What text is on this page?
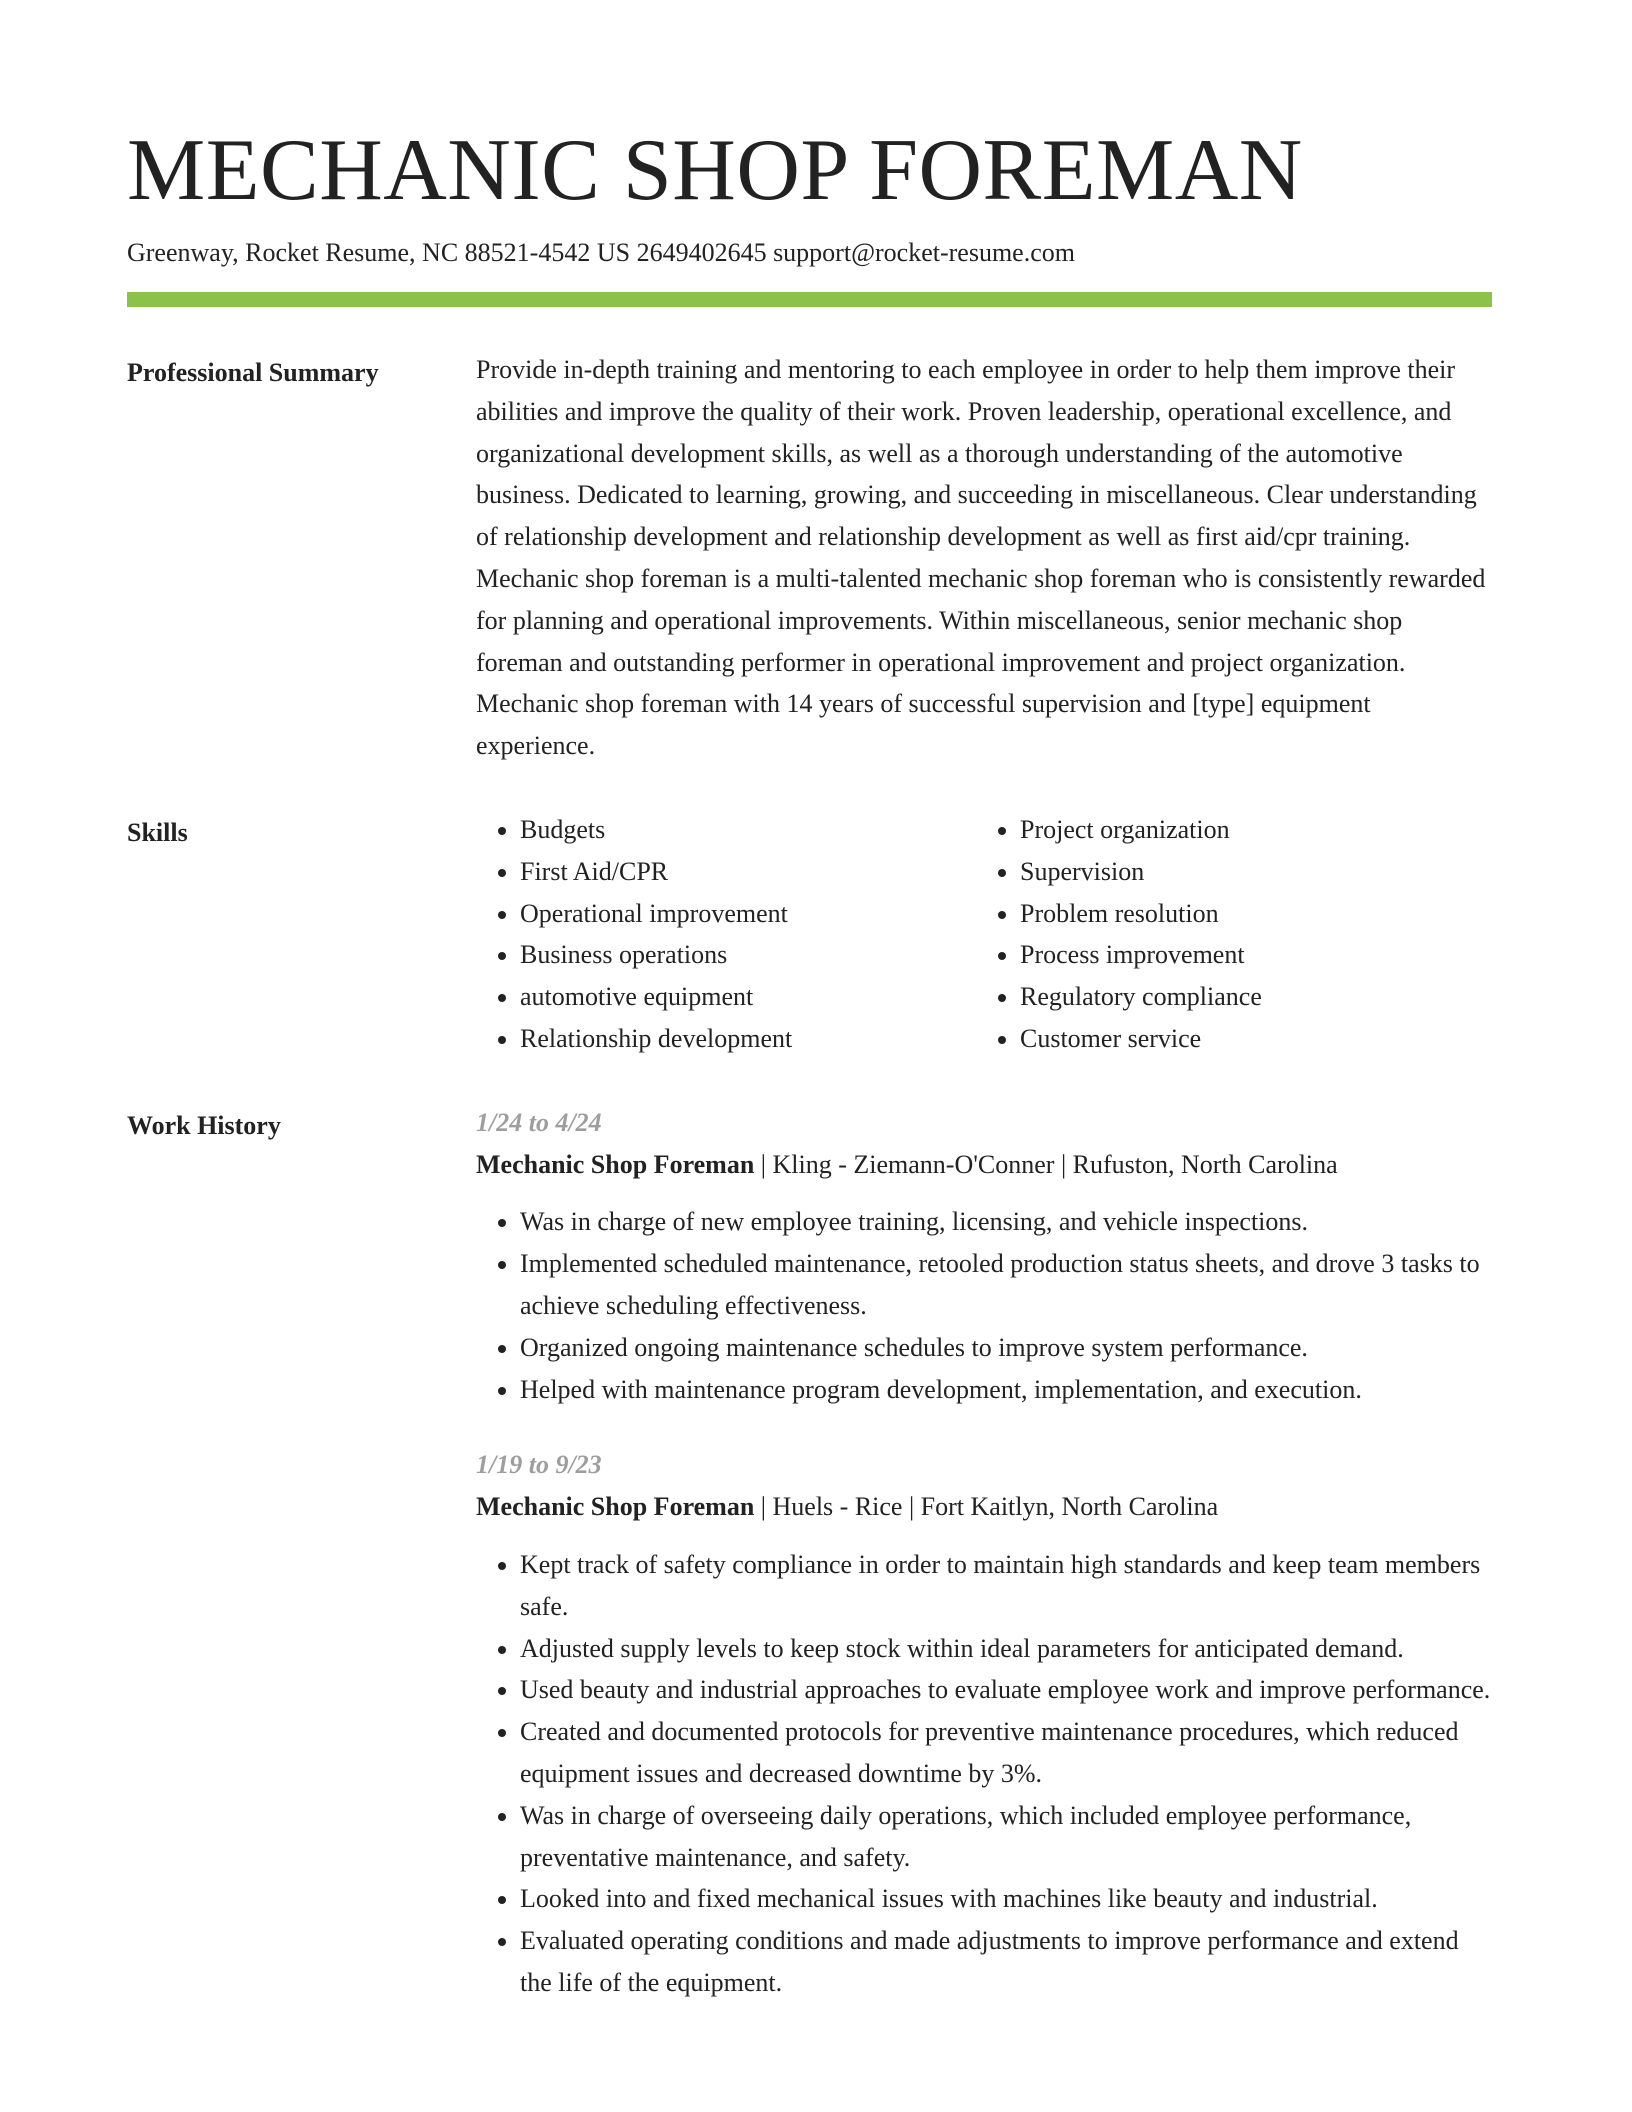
MECHANIC SHOP FOREMAN
Greenway, Rocket Resume, NC 88521-4542 US 2649402645 support@rocket-resume.com
Professional Summary	Provide in-depth training and mentoring to each employee in order to help them improve their abilities and improve the quality of their work. Proven leadership, operational excellence, and organizational development skills, as well as a thorough understanding of the automotive business. Dedicated to learning, growing, and succeeding in miscellaneous. Clear understanding of relationship development and relationship development as well as first aid/cpr training. Mechanic shop foreman is a multi-talented mechanic shop foreman who is consistently rewarded for planning and operational improvements. Within miscellaneous, senior mechanic shop foreman and outstanding performer in operational improvement and project organization. Mechanic shop foreman with 14 years of successful supervision and [type] equipment experience.

Skills
•	Budgets
• First Aid/CPR
• Operational improvement
• Business operations
• automotive equipment
• Relationship development
• Project organization
• Supervision
• Problem resolution
• Process improvement
• Regulatory compliance
• Customer service
Work History	1/24 to 4/24
Mechanic Shop Foreman | Kling - Ziemann-O'Conner | Rufuston, North Carolina
• Was in charge of new employee training, licensing, and vehicle inspections.
• Implemented scheduled maintenance, retooled production status sheets, and drove 3 tasks to achieve scheduling effectiveness.
• Organized ongoing maintenance schedules to improve system performance.
• Helped with maintenance program development, implementation, and execution.
1/19 to 9/23
Mechanic Shop Foreman | Huels - Rice | Fort Kaitlyn, North Carolina
• Kept track of safety compliance in order to maintain high standards and keep team members safe.
• Adjusted supply levels to keep stock within ideal parameters for anticipated demand.
• Used beauty and industrial approaches to evaluate employee work and improve performance.
• Created and documented protocols for preventive maintenance procedures, which reduced equipment issues and decreased downtime by 3%.
• Was in charge of overseeing daily operations, which included employee performance, preventative maintenance, and safety.
• Looked into and fixed mechanical issues with machines like beauty and industrial.
• Evaluated operating conditions and made adjustments to improve performance and extend the life of the equipment.
